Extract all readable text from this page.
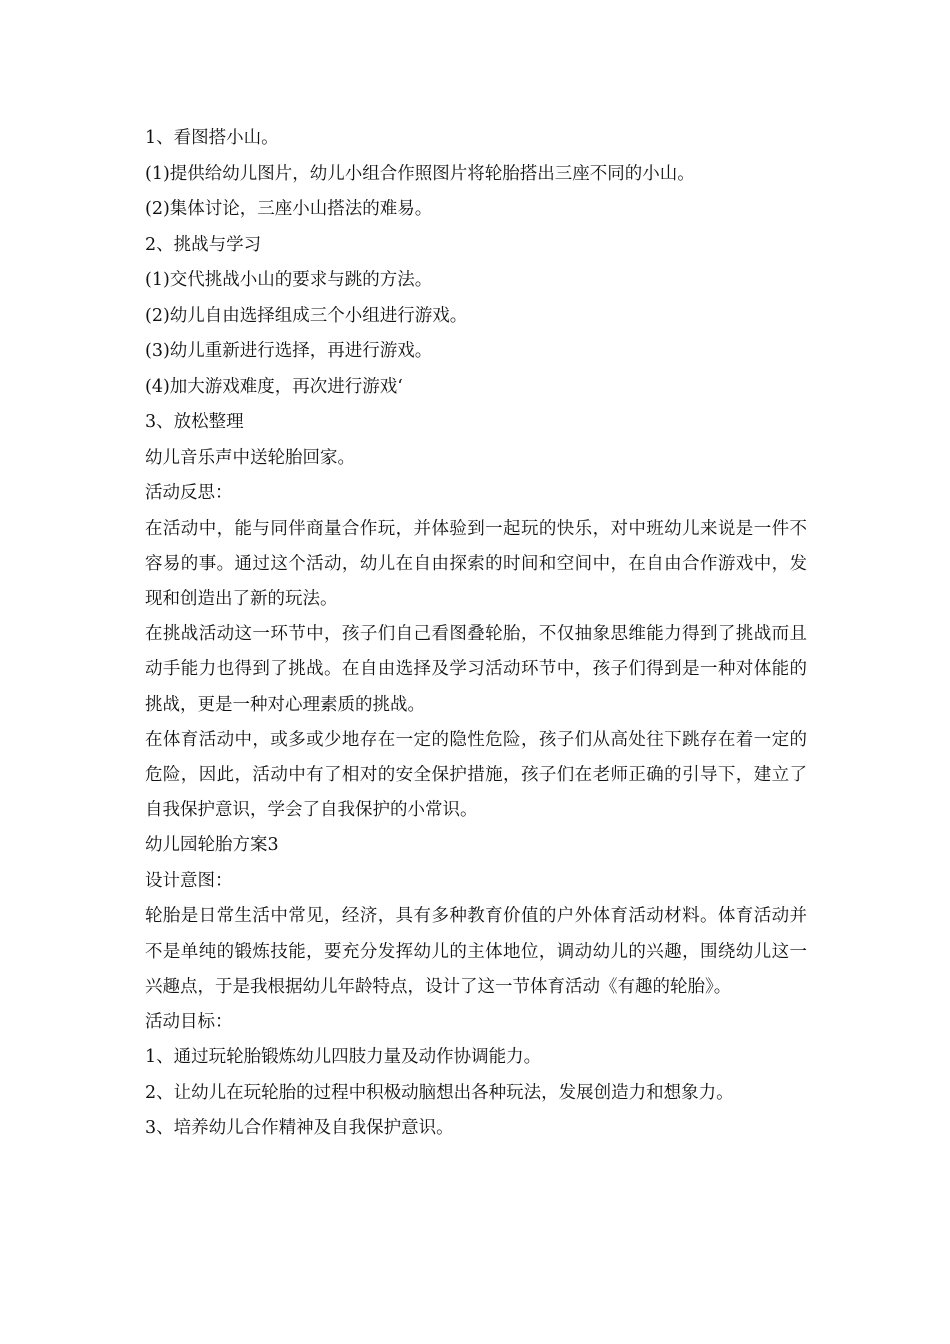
1、看图搭小山。

(1)提供给幼儿图片，幼儿小组合作照图片将轮胎搭出三座不同的小山。

(2)集体讨论，三座小山搭法的难易。

2、挑战与学习

(1)交代挑战小山的要求与跳的方法。

(2)幼儿自由选择组成三个小组进行游戏。

(3)幼儿重新进行选择，再进行游戏。

(4)加大游戏难度，再次进行游戏‘

3、放松整理

幼儿音乐声中送轮胎回家。

活动反思：

在活动中，能与同伴商量合作玩，并体验到一起玩的快乐，对中班幼儿来说是一件不容易的事。通过这个活动，幼儿在自由探索的时间和空间中，在自由合作游戏中，发现和创造出了新的玩法。

在挑战活动这一环节中，孩子们自己看图叠轮胎，不仅抽象思维能力得到了挑战而且动手能力也得到了挑战。在自由选择及学习活动环节中，孩子们得到是一种对体能的挑战，更是一种对心理素质的挑战。

在体育活动中，或多或少地存在一定的隐性危险，孩子们从高处往下跳存在着一定的危险，因此，活动中有了相对的安全保护措施，孩子们在老师正确的引导下，建立了自我保护意识，学会了自我保护的小常识。

幼儿园轮胎方案3

设计意图：

轮胎是日常生活中常见，经济，具有多种教育价值的户外体育活动材料。体育活动并不是单纯的锻炼技能，要充分发挥幼儿的主体地位，调动幼儿的兴趣，围绕幼儿这一兴趣点，于是我根据幼儿年龄特点，设计了这一节体育活动《有趣的轮胎》。

活动目标：

1、通过玩轮胎锻炼幼儿四肢力量及动作协调能力。

2、让幼儿在玩轮胎的过程中积极动脑想出各种玩法，发展创造力和想象力。

3、培养幼儿合作精神及自我保护意识。
